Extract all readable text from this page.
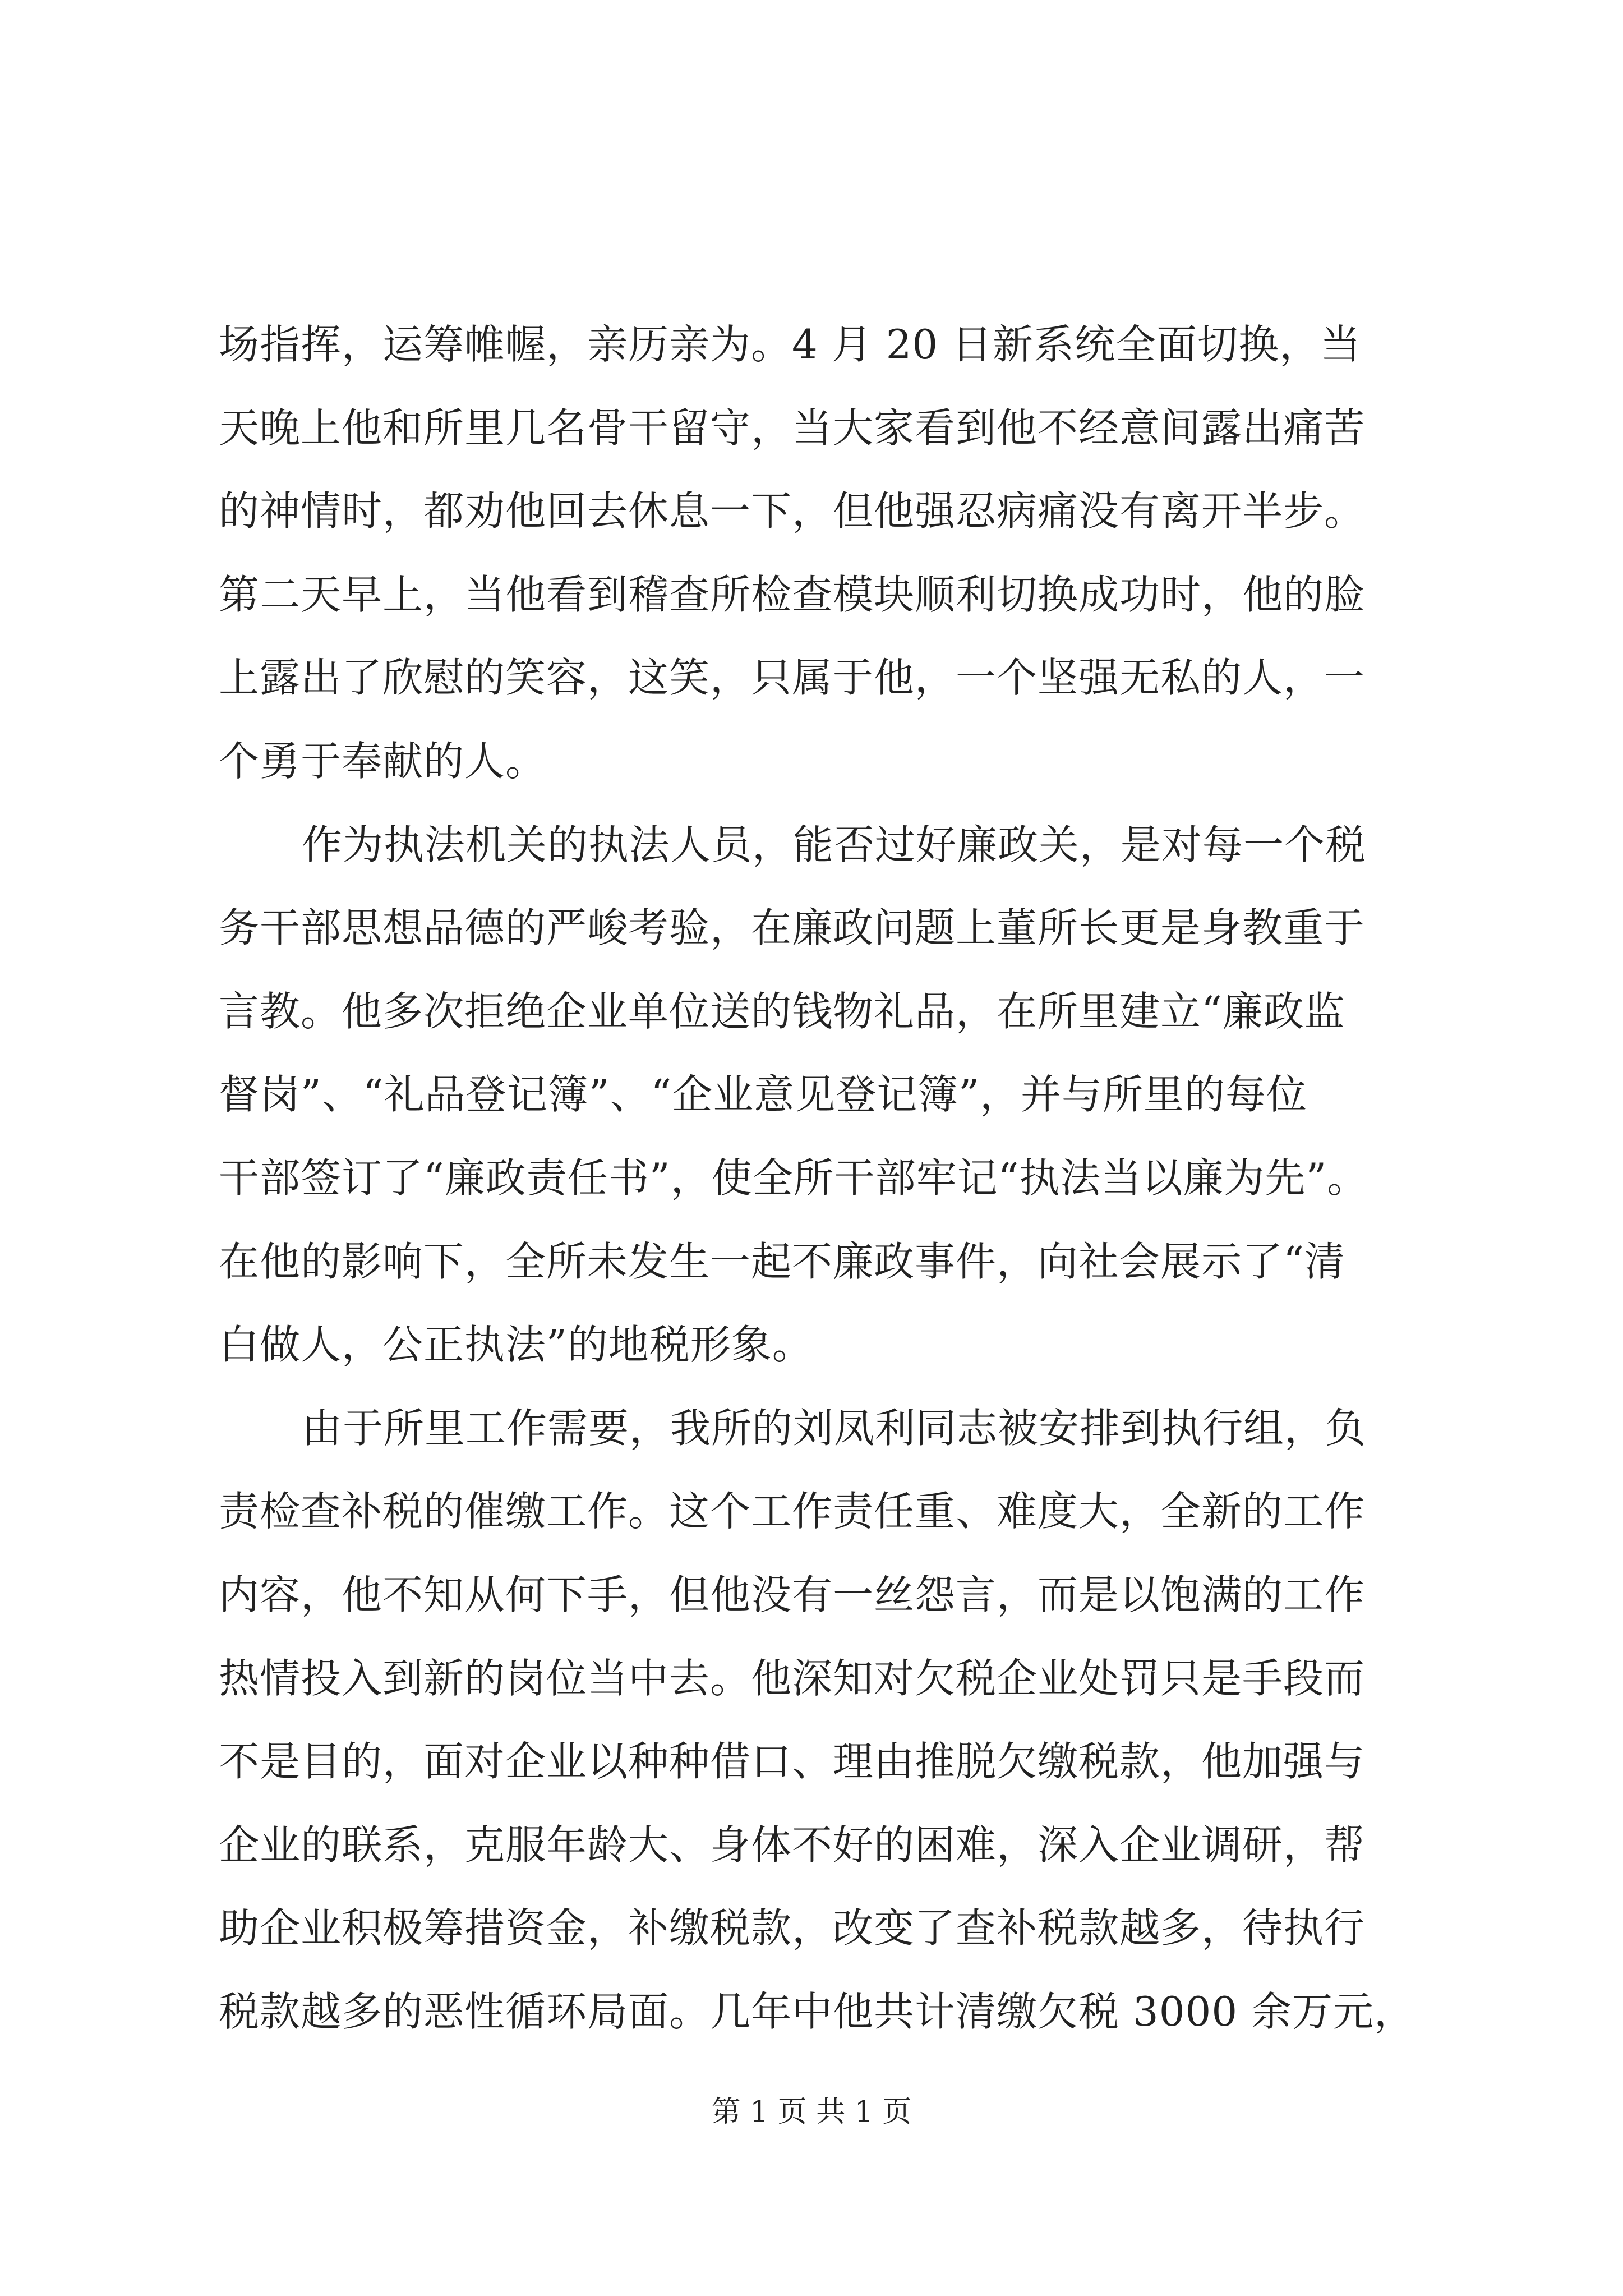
场指挥，运筹帷幄，亲历亲为。4 月 20 日新系统全面切换，当
天晚上他和所里几名骨干留守，当大家看到他不经意间露出痛苦
的神情时，都劝他回去休息一下，但他强忍病痛没有离开半步。
第二天早上，当他看到稽查所检查模块顺利切换成功时，他的脸
上露出了欣慰的笑容，这笑，只属于他，一个坚强无私的人，一
个勇于奉献的人。
作为执法机关的执法人员，能否过好廉政关，是对每一个税
务干部思想品德的严峻考验，在廉政问题上董所长更是身教重于
言教。他多次拒绝企业单位送的钱物礼品，在所里建立“廉政监
督岗”、“礼品登记簿”、“企业意见登记簿”，并与所里的每位
干部签订了“廉政责任书”，使全所干部牢记“执法当以廉为先”。
在他的影响下，全所未发生一起不廉政事件，向社会展示了“清
白做人，公正执法”的地税形象。
由于所里工作需要，我所的刘凤利同志被安排到执行组，负
责检查补税的催缴工作。这个工作责任重、难度大，全新的工作
内容，他不知从何下手，但他没有一丝怨言，而是以饱满的工作
热情投入到新的岗位当中去。他深知对欠税企业处罚只是手段而
不是目的，面对企业以种种借口、理由推脱欠缴税款，他加强与
企业的联系，克服年龄大、身体不好的困难，深入企业调研，帮
助企业积极筹措资金，补缴税款，改变了查补税款越多，待执行
税款越多的恶性循环局面。几年中他共计清缴欠税 3000 余万元，
第 1 页 共 1 页
